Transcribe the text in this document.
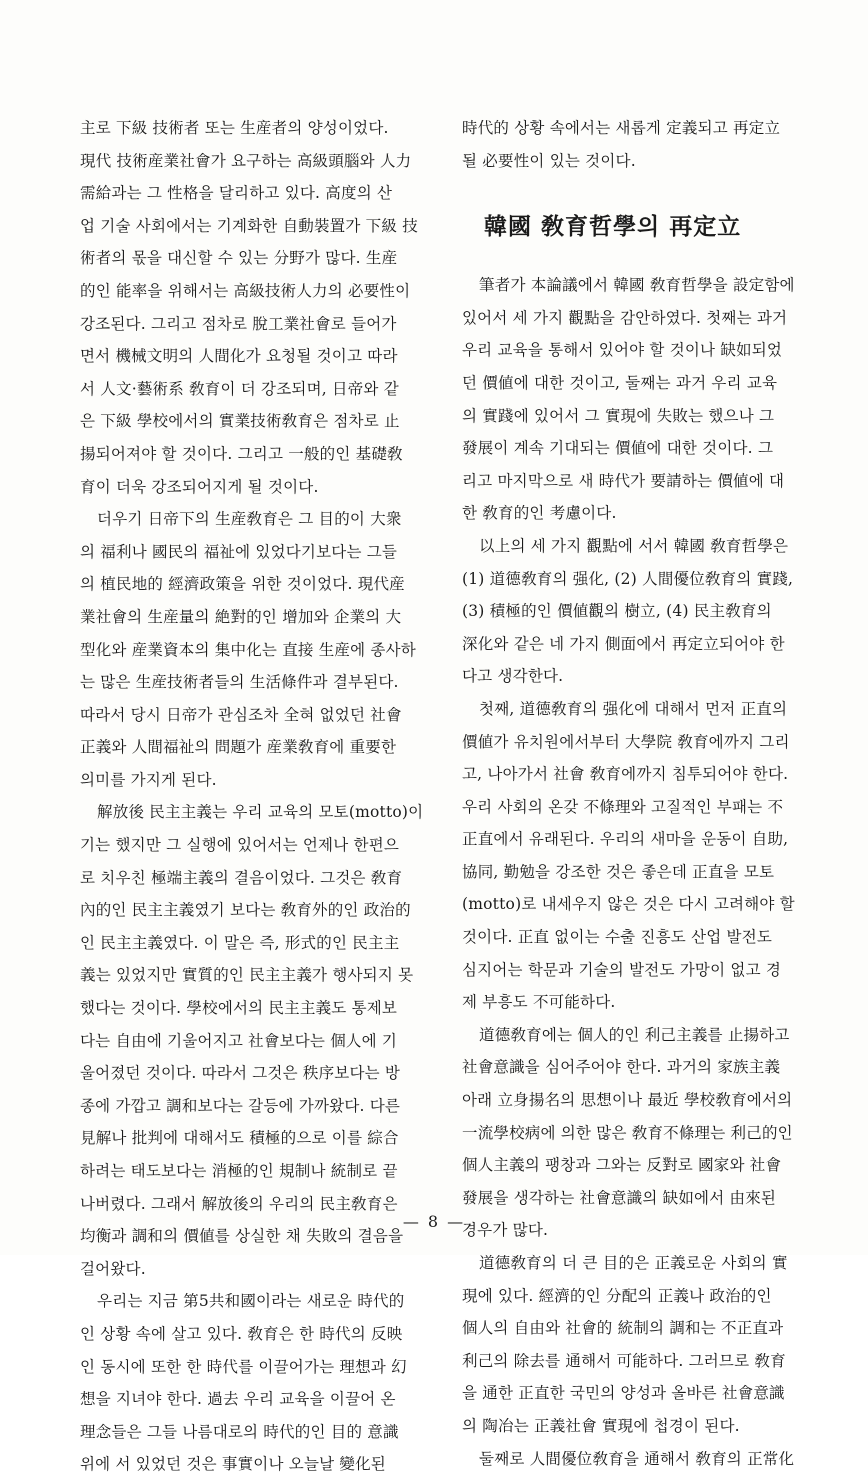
主로 下級 技術者 또는 生産者의 양성이었다.
現代 技術産業社會가 요구하는 高級頭腦와 人力
需給과는 그 性格을 달리하고 있다. 高度의 산
업 기술 사회에서는 기계화한 自動裝置가 下級 技
術者의 몫을 대신할 수 있는 分野가 많다. 生産
的인 能率을 위해서는 高級技術人力의 必要性이
강조된다. 그리고 점차로 脫工業社會로 들어가
면서 機械文明의 人間化가 요청될 것이고 따라
서 人文·藝術系 敎育이 더 강조되며, 日帝와 같
은 下級 學校에서의 實業技術敎育은 점차로 止
揚되어져야 할 것이다. 그리고 一般的인 基礎敎
育이 더욱 강조되어지게 될 것이다.
더우기 日帝下의 生産敎育은 그 目的이 大衆
의 福利나 國民의 福祉에 있었다기보다는 그들
의 植民地的 經濟政策을 위한 것이었다. 現代産
業社會의 生産量의 絶對的인 增加와 企業의 大
型化와 産業資本의 集中化는 直接 生産에 종사하
는 많은 生産技術者들의 生活條件과 결부된다.
따라서 당시 日帝가 관심조차 全혀 없었던 社會
正義와 人間福祉의 問題가 産業敎育에 重要한
의미를 가지게 된다.
解放後 民主主義는 우리 교육의 모토(motto)이
기는 했지만 그 실행에 있어서는 언제나 한편으
로 치우친 極端主義의 결음이었다. 그것은 敎育
內的인 民主主義였기 보다는 敎育外的인 政治的
인 民主主義였다. 이 말은 즉, 形式的인 民主主
義는 있었지만 實質的인 民主主義가 행사되지 못
했다는 것이다. 學校에서의 民主主義도 통제보
다는 自由에 기울어지고 社會보다는 個人에 기
울어졌던 것이다. 따라서 그것은 秩序보다는 방
종에 가깝고 調和보다는 갈등에 가까왔다. 다른
見解나 批判에 대해서도 積極的으로 이를 綜合
하려는 태도보다는 消極的인 規制나 統制로 끝
나버렸다. 그래서 解放後의 우리의 民主敎育은
均衡과 調和의 價値를 상실한 채 失敗의 결음을
걸어왔다.
우리는 지금 第5共和國이라는 새로운 時代的
인 상황 속에 살고 있다. 敎育은 한 時代의 反映
인 동시에 또한 한 時代를 이끌어가는 理想과 幻
想을 지녀야 한다. 過去 우리 교육을 이끌어 온
理念들은 그들 나름대로의 時代的인 目的 意識
위에 서 있었던 것은 事實이나 오늘날 變化된
時代的 상황 속에서는 새롭게 定義되고 再定立
될 必要性이 있는 것이다.
韓國 敎育哲學의 再定立
筆者가 本論議에서 韓國 敎育哲學을 設定함에
있어서 세 가지 觀點을 감안하였다. 첫째는 과거
우리 교육을 통해서 있어야 할 것이나 缺如되었
던 價値에 대한 것이고, 둘째는 과거 우리 교육
의 實踐에 있어서 그 實現에 失敗는 했으나 그
發展이 계속 기대되는 價値에 대한 것이다. 그
리고 마지막으로 새 時代가 要請하는 價値에 대
한 敎育的인 考慮이다.
以上의 세 가지 觀點에 서서 韓國 敎育哲學은
(1) 道德敎育의 强化, (2) 人間優位敎育의 實踐,
(3) 積極的인 價値觀의 樹立, (4) 民主敎育의
深化와 같은 네 가지 側面에서 再定立되어야 한
다고 생각한다.
첫째, 道德敎育의 强化에 대해서 먼저 正直의
價値가 유치원에서부터 大學院 敎育에까지 그리
고, 나아가서 社會 敎育에까지 침투되어야 한다.
우리 사회의 온갖 不條理와 고질적인 부패는 不
正直에서 유래된다. 우리의 새마을 운동이 自助,
協同, 勤勉을 강조한 것은 좋은데 正直을 모토
(motto)로 내세우지 않은 것은 다시 고려해야 할
것이다. 正直 없이는 수출 진흥도 산업 발전도
심지어는 학문과 기술의 발전도 가망이 없고 경
제 부흥도 不可能하다.
道德敎育에는 個人的인 利己主義를 止揚하고
社會意識을 심어주어야 한다. 과거의 家族主義
아래 立身揚名의 思想이나 最近 學校敎育에서의
一流學校病에 의한 많은 敎育不條理는 利己的인
個人主義의 팽창과 그와는 反對로 國家와 社會
發展을 생각하는 社會意識의 缺如에서 由來된
경우가 많다.
道德敎育의 더 큰 目的은 正義로운 사회의 實
現에 있다. 經濟的인 分配의 正義나 政治的인
個人의 自由와 社會的 統制의 調和는 不正直과
利己의 除去를 通해서 可能하다. 그러므로 敎育
을 通한 正直한 국민의 양성과 올바른 社會意識
의 陶冶는 正義社會 實現에 첩경이 된다.
둘째로 人間優位敎育을 通해서 敎育의 正常化
— 8 —
